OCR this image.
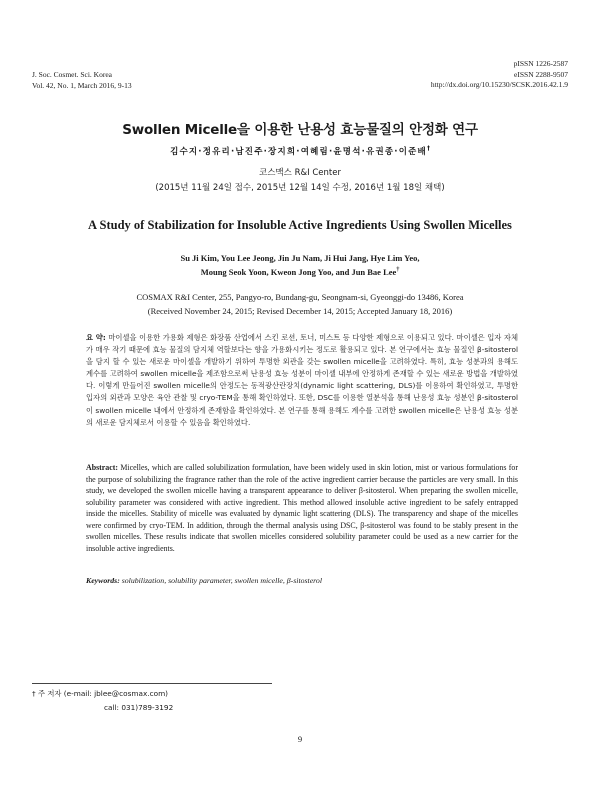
J. Soc. Cosmet. Sci. Korea
Vol. 42, No. 1, March 2016, 9-13
pISSN 1226-2587
eISSN 2288-9507
http://dx.doi.org/10.15230/SCSK.2016.42.1.9
Swollen Micelle을 이용한 난용성 효능물질의 안정화 연구
김수지·정유리·남진주·장지희·여혜림·윤명석·유권종·이준배†
코스맥스 R&I Center
(2015년 11월 24일 접수, 2015년 12월 14일 수정, 2016년 1월 18일 채택)
A Study of Stabilization for Insoluble Active Ingredients Using Swollen Micelles
Su Ji Kim, You Lee Jeong, Jin Ju Nam, Ji Hui Jang, Hye Lim Yeo,
Moung Seok Yoon, Kweon Jong Yoo, and Jun Bae Lee†
COSMAX R&I Center, 255, Pangyo-ro, Bundang-gu, Seongnam-si, Gyeonggi-do 13486, Korea
(Received November 24, 2015; Revised December 14, 2015; Accepted January 18, 2016)
요 약: 마이셀을 이용한 가용화 제형은 화장품 산업에서 스킨 로션, 토너, 미스트 등 다양한 제형으로 이용되고 있다. 마이셀은 입자 자체가 매우 작기 때문에 효능 물질의 담지체 역할보다는 향을 가용화시키는 정도로 활용되고 있다. 본 연구에서는 효능 물질인 β-sitosterol을 담지 할 수 있는 새로운 마이셀을 개발하기 위하여 투명한 외관을 갖는 swollen micelle을 고려하였다. 특히, 효능 성분과의 용해도 계수를 고려하여 swollen micelle을 제조함으로써 난용성 효능 성분이 마이셀 내부에 안정하게 존재할 수 있는 새로운 방법을 개발하였다. 이렇게 만들어진 swollen micelle의 안정도는 동적광산란장치(dynamic light scattering, DLS)를 이용하여 확인하였고, 투명한 입자의 외관과 모양은 육안 관찰 및 cryo-TEM을 통해 확인하였다. 또한, DSC를 이용한 열분석을 통해 난용성 효능 성분인 β-sitosterol이 swollen micelle 내에서 안정하게 존재함을 확인하였다. 본 연구를 통해 용해도 계수를 고려한 swollen micelle은 난용성 효능 성분의 새로운 담지체로서 이용할 수 있음을 확인하였다.
Abstract: Micelles, which are called solubilization formulation, have been widely used in skin lotion, mist or various formulations for the purpose of solubilizing the fragrance rather than the role of the active ingredient carrier because the particles are very small. In this study, we developed the swollen micelle having a transparent appearance to deliver β-sitosterol. When preparing the swollen micelle, solubility parameter was considered with active ingredient. This method allowed insoluble active ingredient to be safely entrapped inside the micelles. Stability of micelle was evaluated by dynamic light scattering (DLS). The transparency and shape of the micelles were confirmed by cryo-TEM. In addition, through the thermal analysis using DSC, β-sitosterol was found to be stably present in the swollen micelles. These results indicate that swollen micelles considered solubility parameter could be used as a new carrier for the insoluble active ingredients.
Keywords: solubilization, solubility parameter, swollen micelle, β-sitosterol
† 주 저자 (e-mail: jblee@cosmax.com)
call: 031)789-3192
9
